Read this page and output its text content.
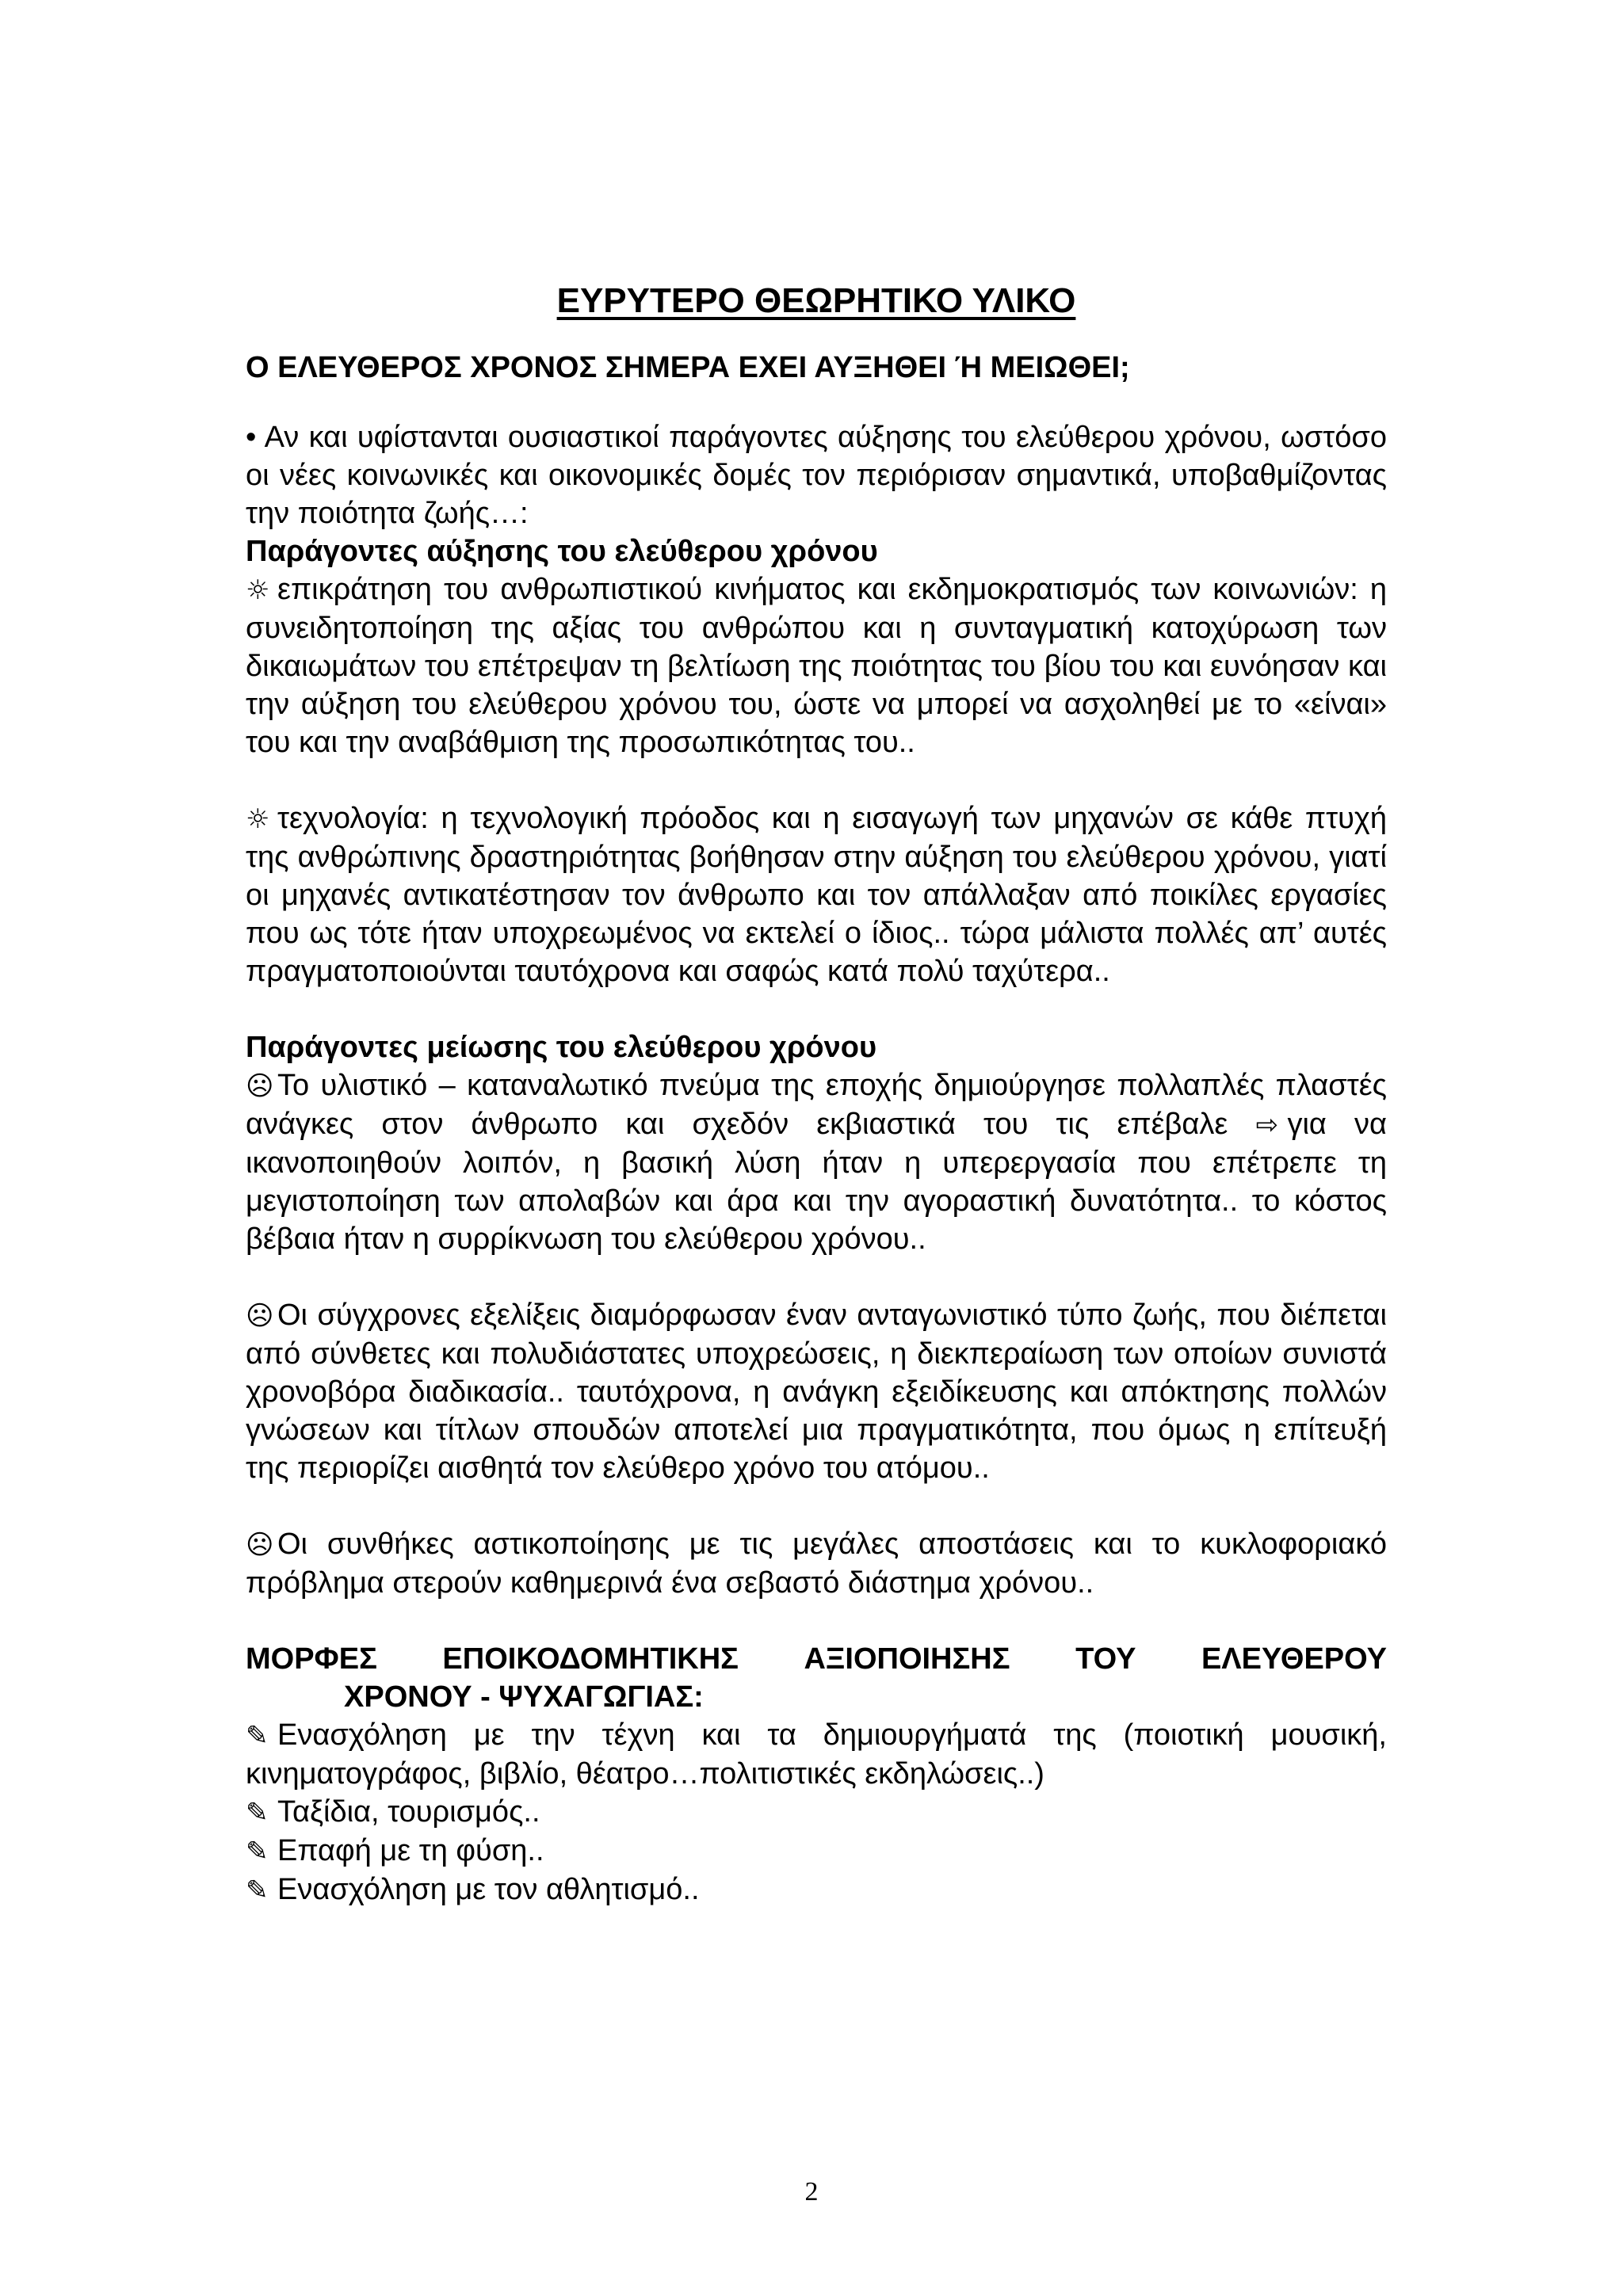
ΕΥΡΥΤΕΡΟ ΘΕΩΡΗΤΙΚΟ ΥΛΙΚΟ
Ο ΕΛΕΥΘΕΡΟΣ ΧΡΟΝΟΣ ΣΗΜΕΡΑ ΕΧΕΙ ΑΥΞΗΘΕΙ Ή ΜΕΙΩΘΕΙ;

• Αν και υφίστανται ουσιαστικοί παράγοντες αύξησης του ελεύθερου χρόνου, ωστόσο οι νέες κοινωνικές και οικονομικές δομές τον περιόρισαν σημαντικά, υποβαθμίζοντας την ποιότητα ζωής…:

Παράγοντες αύξησης του ελεύθερου χρόνου

☼ επικράτηση του ανθρωπιστικού κινήματος και εκδημοκρατισμός των κοινωνιών: η συνειδητοποίηση της αξίας του ανθρώπου και η συνταγματική κατοχύρωση των δικαιωμάτων του επέτρεψαν τη βελτίωση της ποιότητας του βίου του και ευνόησαν και την αύξηση του ελεύθερου χρόνου του, ώστε να μπορεί να ασχοληθεί με το «είναι» του και την αναβάθμιση της προσωπικότητας του..

☼ τεχνολογία: η τεχνολογική πρόοδος και η εισαγωγή των μηχανών σε κάθε πτυχή της ανθρώπινης δραστηριότητας βοήθησαν στην αύξηση του ελεύθερου χρόνου, γιατί οι μηχανές αντικατέστησαν τον άνθρωπο και τον απάλλαξαν από ποικίλες εργασίες που ως τότε ήταν υποχρεωμένος να εκτελεί ο ίδιος.. τώρα μάλιστα πολλές απ’ αυτές πραγματοποιούνται ταυτόχρονα και σαφώς κατά πολύ ταχύτερα..

Παράγοντες μείωσης του ελεύθερου χρόνου

☹ Το υλιστικό – καταναλωτικό πνεύμα της εποχής δημιούργησε πολλαπλές πλαστές ανάγκες στον άνθρωπο και σχεδόν εκβιαστικά του τις επέβαλε ⇨ για να ικανοποιηθούν λοιπόν, η βασική λύση ήταν η υπερεργασία που επέτρεπε τη μεγιστοποίηση των απολαβών και άρα και την αγοραστική δυνατότητα.. το κόστος βέβαια ήταν η συρρίκνωση του ελεύθερου χρόνου..

☹ Οι σύγχρονες εξελίξεις διαμόρφωσαν έναν ανταγωνιστικό τύπο ζωής, που διέπεται από σύνθετες και πολυδιάστατες υποχρεώσεις, η διεκπεραίωση των οποίων συνιστά χρονοβόρα διαδικασία.. ταυτόχρονα, η ανάγκη εξειδίκευσης και απόκτησης πολλών γνώσεων και τίτλων σπουδών αποτελεί μια πραγματικότητα, που όμως η επίτευξή της περιορίζει αισθητά τον ελεύθερο χρόνο του ατόμου..

☹ Οι συνθήκες αστικοποίησης με τις μεγάλες αποστάσεις και το κυκλοφοριακό πρόβλημα στερούν καθημερινά ένα σεβαστό διάστημα χρόνου..

ΜΟΡΦΕΣ ΕΠΟΙΚΟΔΟΜΗΤΙΚΗΣ ΑΞΙΟΠΟΙΗΣΗΣ ΤΟΥ ΕΛΕΥΘΕΡΟΥ
ΧΡΟΝΟΥ - ΨΥΧΑΓΩΓΙΑΣ:
✎ Ενασχόληση με την τέχνη και τα δημιουργήματά της (ποιοτική μουσική, κινηματογράφος, βιβλίο, θέατρο…πολιτιστικές εκδηλώσεις..)
✎ Ταξίδια, τουρισμός..
✎ Επαφή με τη φύση..
✎ Ενασχόληση με τον αθλητισμό..
2
